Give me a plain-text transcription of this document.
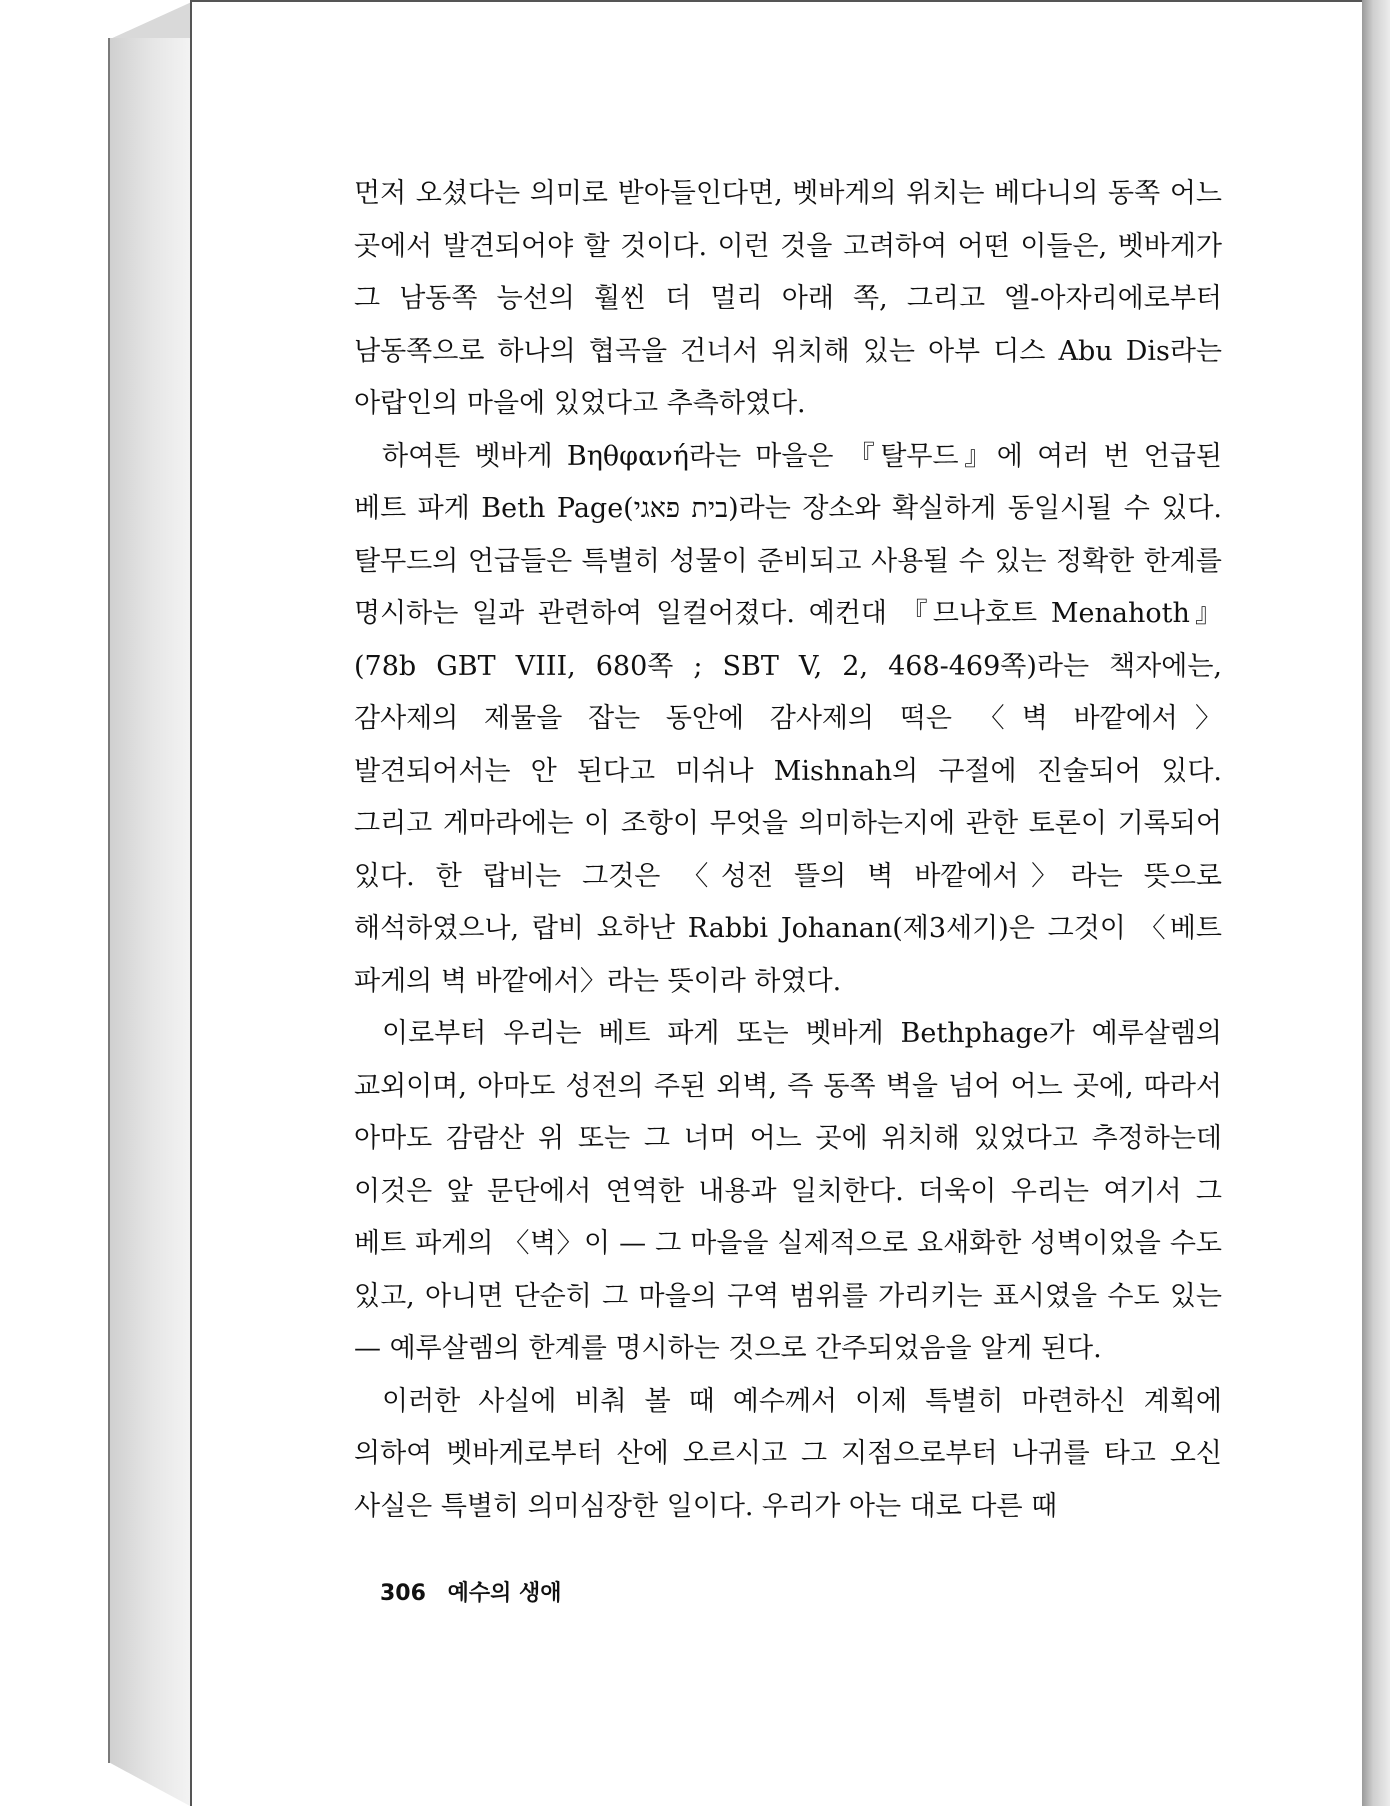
먼저 오셨다는 의미로 받아들인다면, 벳바게의 위치는 베다니의 동쪽 어느 곳에서 발견되어야 할 것이다. 이런 것을 고려하여 어떤 이들은, 벳바게가 그 남동쪽 능선의 훨씬 더 멀리 아래 쪽, 그리고 엘-아자리에로부터 남동쪽으로 하나의 협곡을 건너서 위치해 있는 아부 디스 Abu Dis라는 아랍인의 마을에 있었다고 추측하였다.

하여튼 벳바게 Bηθφανή라는 마을은 『탈무드』에 여러 번 언급된 베트 파게 Beth Page(בית פאגי)라는 장소와 확실하게 동일시될 수 있다. 탈무드의 언급들은 특별히 성물이 준비되고 사용될 수 있는 정확한 한계를 명시하는 일과 관련하여 일컬어졌다. 예컨대 『므나호트 Menahoth』(78b GBT VIII, 680쪽 ; SBT V, 2, 468-469쪽)라는 책자에는, 감사제의 제물을 잡는 동안에 감사제의 떡은 〈벽 바깥에서〉 발견되어서는 안 된다고 미쉬나 Mishnah의 구절에 진술되어 있다. 그리고 게마라에는 이 조항이 무엇을 의미하는지에 관한 토론이 기록되어 있다. 한 랍비는 그것은 〈성전 뜰의 벽 바깥에서〉라는 뜻으로 해석하였으나, 랍비 요하난 Rabbi Johanan(제3세기)은 그것이 〈베트 파게의 벽 바깥에서〉라는 뜻이라 하였다.

이로부터 우리는 베트 파게 또는 벳바게 Bethphage가 예루살렘의 교외이며, 아마도 성전의 주된 외벽, 즉 동쪽 벽을 넘어 어느 곳에, 따라서 아마도 감람산 위 또는 그 너머 어느 곳에 위치해 있었다고 추정하는데 이것은 앞 문단에서 연역한 내용과 일치한다. 더욱이 우리는 여기서 그 베트 파게의 〈벽〉이 — 그 마을을 실제적으로 요새화한 성벽이었을 수도 있고, 아니면 단순히 그 마을의 구역 범위를 가리키는 표시였을 수도 있는 — 예루살렘의 한계를 명시하는 것으로 간주되었음을 알게 된다.

이러한 사실에 비춰 볼 때 예수께서 이제 특별히 마련하신 계획에 의하여 벳바게로부터 산에 오르시고 그 지점으로부터 나귀를 타고 오신 사실은 특별히 의미심장한 일이다. 우리가 아는 대로 다른 때

306 예수의 생애
